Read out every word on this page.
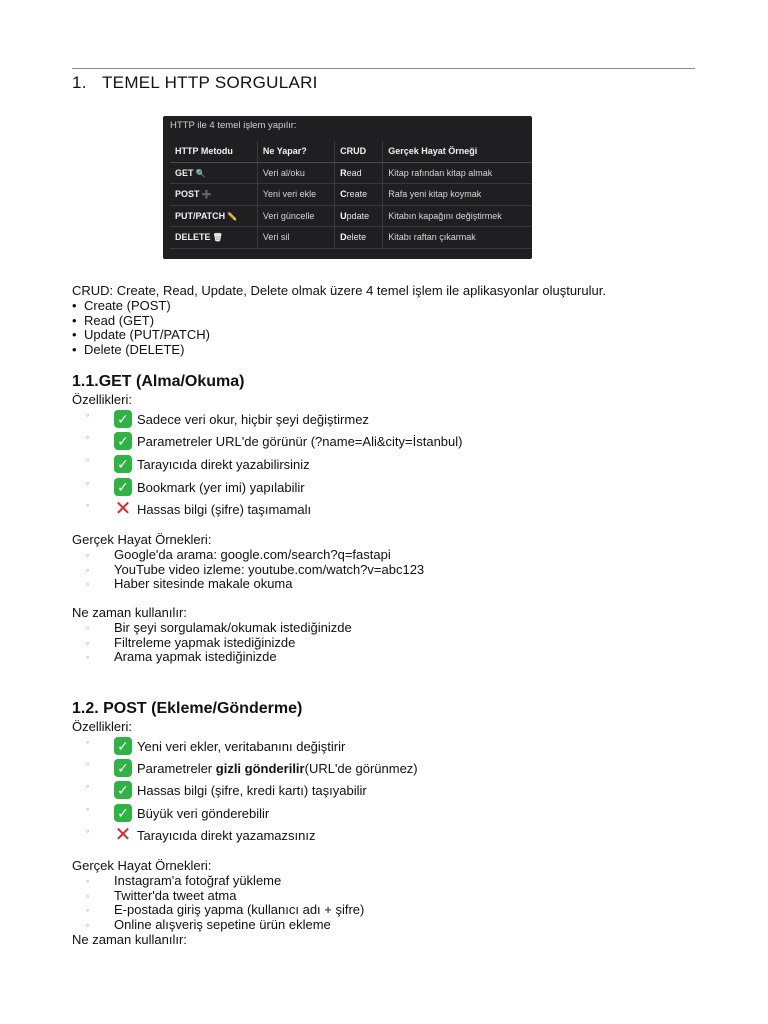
1. TEMEL HTTP SORGULARI
HTTP ile 4 temel işlem yapılır:
HTTP Metodu	Ne Yapar?	CRUD	Gerçek Hayat Örneği
GET 🔍	Veri al/oku	Read	Kitap rafından kitap almak
POST ➕	Yeni veri ekle	Create	Rafa yeni kitap koymak
PUT/PATCH ✏️	Veri güncelle	Update	Kitabın kapağını değiştirmek
DELETE 🗑	Veri sil	Delete	Kitabı raftan çıkarmak
CRUD: Create, Read, Update, Delete olmak üzere 4 temel işlem ile aplikasyonlar oluşturulur.
• Create (POST)
• Read (GET)
• Update (PUT/PATCH)
• Delete (DELETE)
1.1.GET (Alma/Okuma)
Özellikleri:
◦	✓ Sadece veri okur, hiçbir şeyi değiştirmez
◦	✓ Parametreler URL'de görünür (?name=Ali&city=İstanbul)
◦	✓ Tarayıcıda direkt yazabilirsiniz
◦	✓ Bookmark (yer imi) yapılabilir
◦	✕ Hassas bilgi (şifre) taşımamalı
Gerçek Hayat Örnekleri:
◦ Google'da arama: google.com/search?q=fastapi
◦ YouTube video izleme: youtube.com/watch?v=abc123
◦ Haber sitesinde makale okuma
Ne zaman kullanılır:
◦ Bir şeyi sorgulamak/okumak istediğinizde
◦ Filtreleme yapmak istediğinizde
◦ Arama yapmak istediğinizde
1.2. POST (Ekleme/Gönderme)
Özellikleri:
◦	✓ Yeni veri ekler, veritabanını değiştirir
◦	✓ Parametreler
gizli gönderilir (URL'de görünmez)
◦	✓ Hassas bilgi (şifre, kredi kartı) taşıyabilir
◦	✓ Büyük veri gönderebilir
◦	✕ Tarayıcıda direkt yazamazsınız
Gerçek Hayat Örnekleri:
◦ Instagram'a fotoğraf yükleme
◦ Twitter'da tweet atma
◦ E-postada giriş yapma (kullanıcı adı + şifre)
◦ Online alışveriş sepetine ürün ekleme
Ne zaman kullanılır:
